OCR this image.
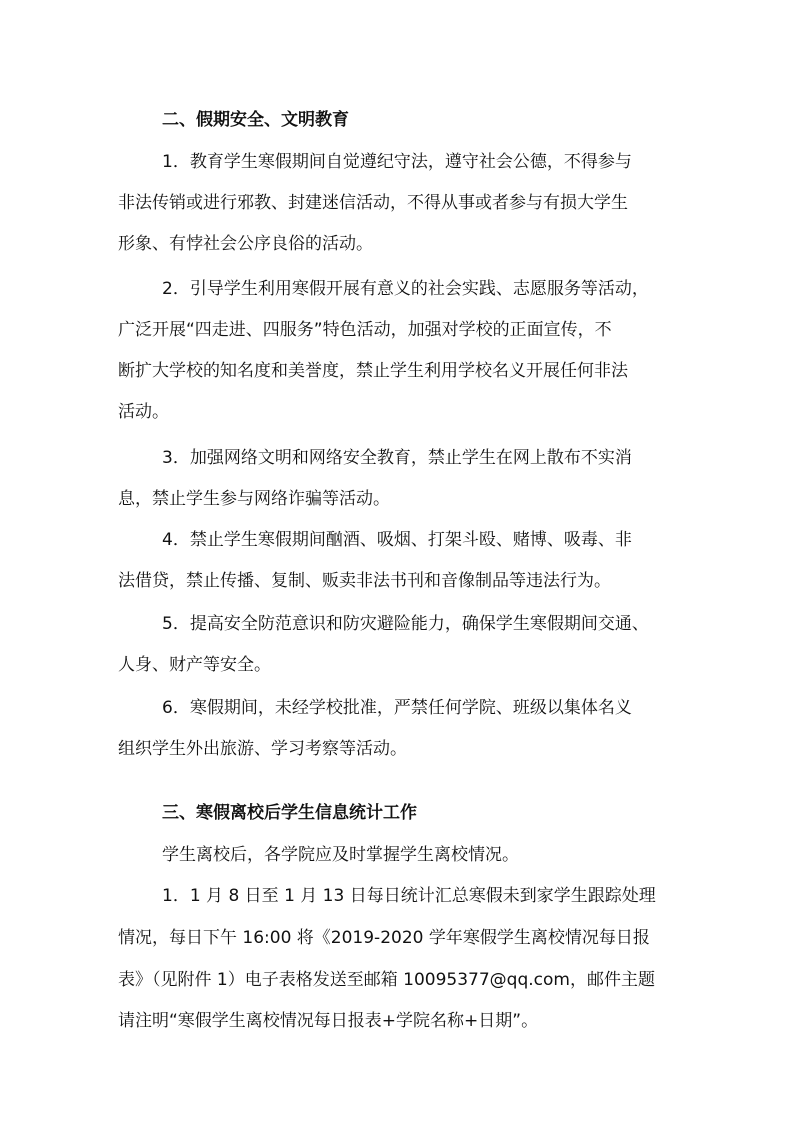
二、假期安全、文明教育
1．教育学生寒假期间自觉遵纪守法，遵守社会公德，不得参与
非法传销或进行邪教、封建迷信活动，不得从事或者参与有损大学生
形象、有悖社会公序良俗的活动。
2．引导学生利用寒假开展有意义的社会实践、志愿服务等活动，
广泛开展“四走进、四服务”特色活动，加强对学校的正面宣传，不
断扩大学校的知名度和美誉度，禁止学生利用学校名义开展任何非法
活动。
3．加强网络文明和网络安全教育，禁止学生在网上散布不实消
息，禁止学生参与网络诈骗等活动。
4．禁止学生寒假期间酗酒、吸烟、打架斗殴、赌博、吸毒、非
法借贷，禁止传播、复制、贩卖非法书刊和音像制品等违法行为。
5．提高安全防范意识和防灾避险能力，确保学生寒假期间交通、
人身、财产等安全。
6．寒假期间，未经学校批准，严禁任何学院、班级以集体名义
组织学生外出旅游、学习考察等活动。
三、寒假离校后学生信息统计工作
学生离校后，各学院应及时掌握学生离校情况。
1．1 月 8 日至 1 月 13 日每日统计汇总寒假未到家学生跟踪处理
情况，每日下午 16:00 将《2019-2020 学年寒假学生离校情况每日报
表》（见附件 1）电子表格发送至邮箱 10095377@qq.com，邮件主题
请注明“寒假学生离校情况每日报表+学院名称+日期”。
